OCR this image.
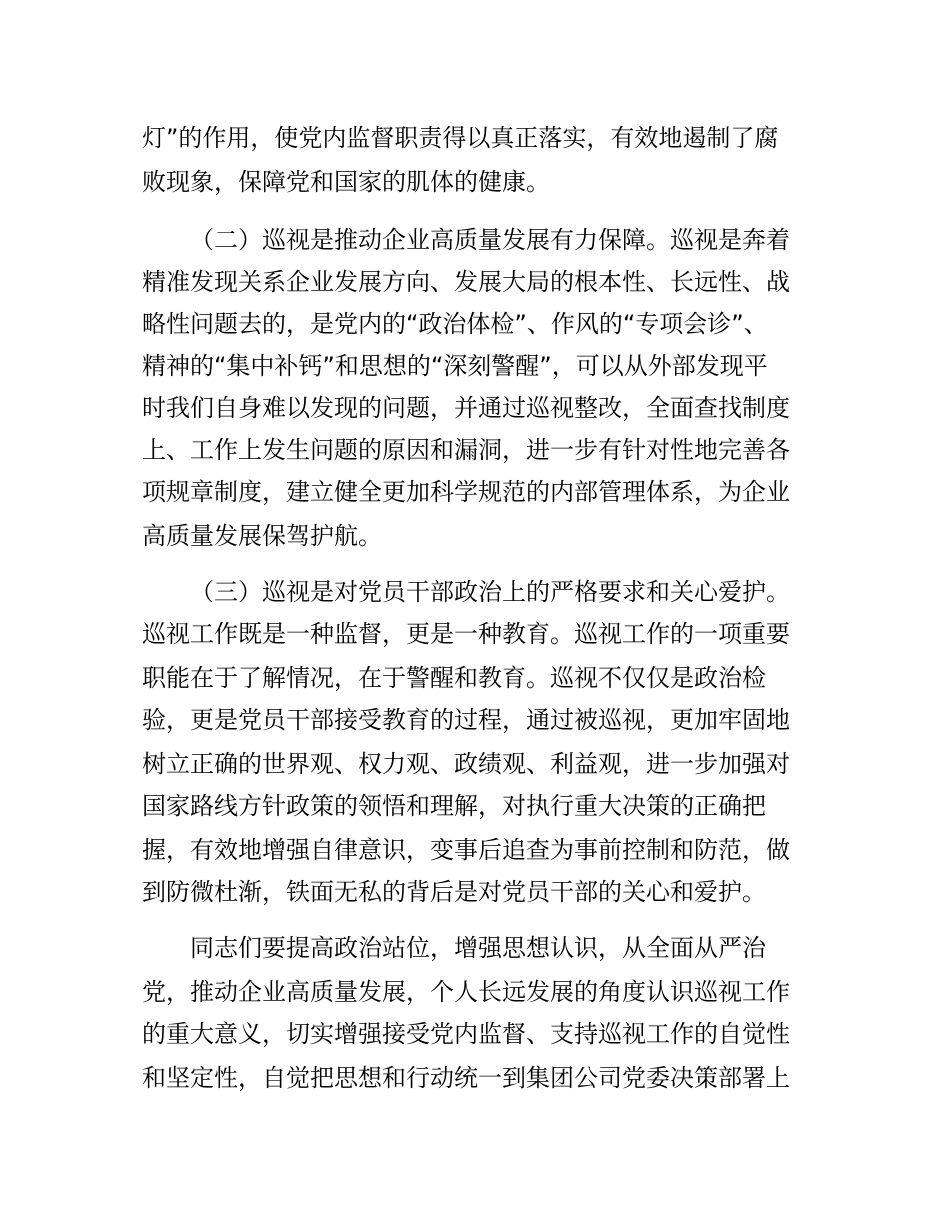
灯”的作用，使党内监督职责得以真正落实，有效地遏制了腐
败现象，保障党和国家的肌体的健康。
（二）巡视是推动企业高质量发展有力保障。巡视是奔着
精准发现关系企业发展方向、发展大局的根本性、长远性、战
略性问题去的，是党内的“政治体检”、作风的“专项会诊”、
精神的“集中补钙”和思想的“深刻警醒”，可以从外部发现平
时我们自身难以发现的问题，并通过巡视整改，全面查找制度
上、工作上发生问题的原因和漏洞，进一步有针对性地完善各
项规章制度，建立健全更加科学规范的内部管理体系，为企业
高质量发展保驾护航。
（三）巡视是对党员干部政治上的严格要求和关心爱护。
巡视工作既是一种监督，更是一种教育。巡视工作的一项重要
职能在于了解情况，在于警醒和教育。巡视不仅仅是政治检
验，更是党员干部接受教育的过程，通过被巡视，更加牢固地
树立正确的世界观、权力观、政绩观、利益观，进一步加强对
国家路线方针政策的领悟和理解，对执行重大决策的正确把
握，有效地增强自律意识，变事后追查为事前控制和防范，做
到防微杜渐，铁面无私的背后是对党员干部的关心和爱护。
同志们要提高政治站位，增强思想认识，从全面从严治
党，推动企业高质量发展，个人长远发展的角度认识巡视工作
的重大意义，切实增强接受党内监督、支持巡视工作的自觉性
和坚定性，自觉把思想和行动统一到集团公司党委决策部署上
